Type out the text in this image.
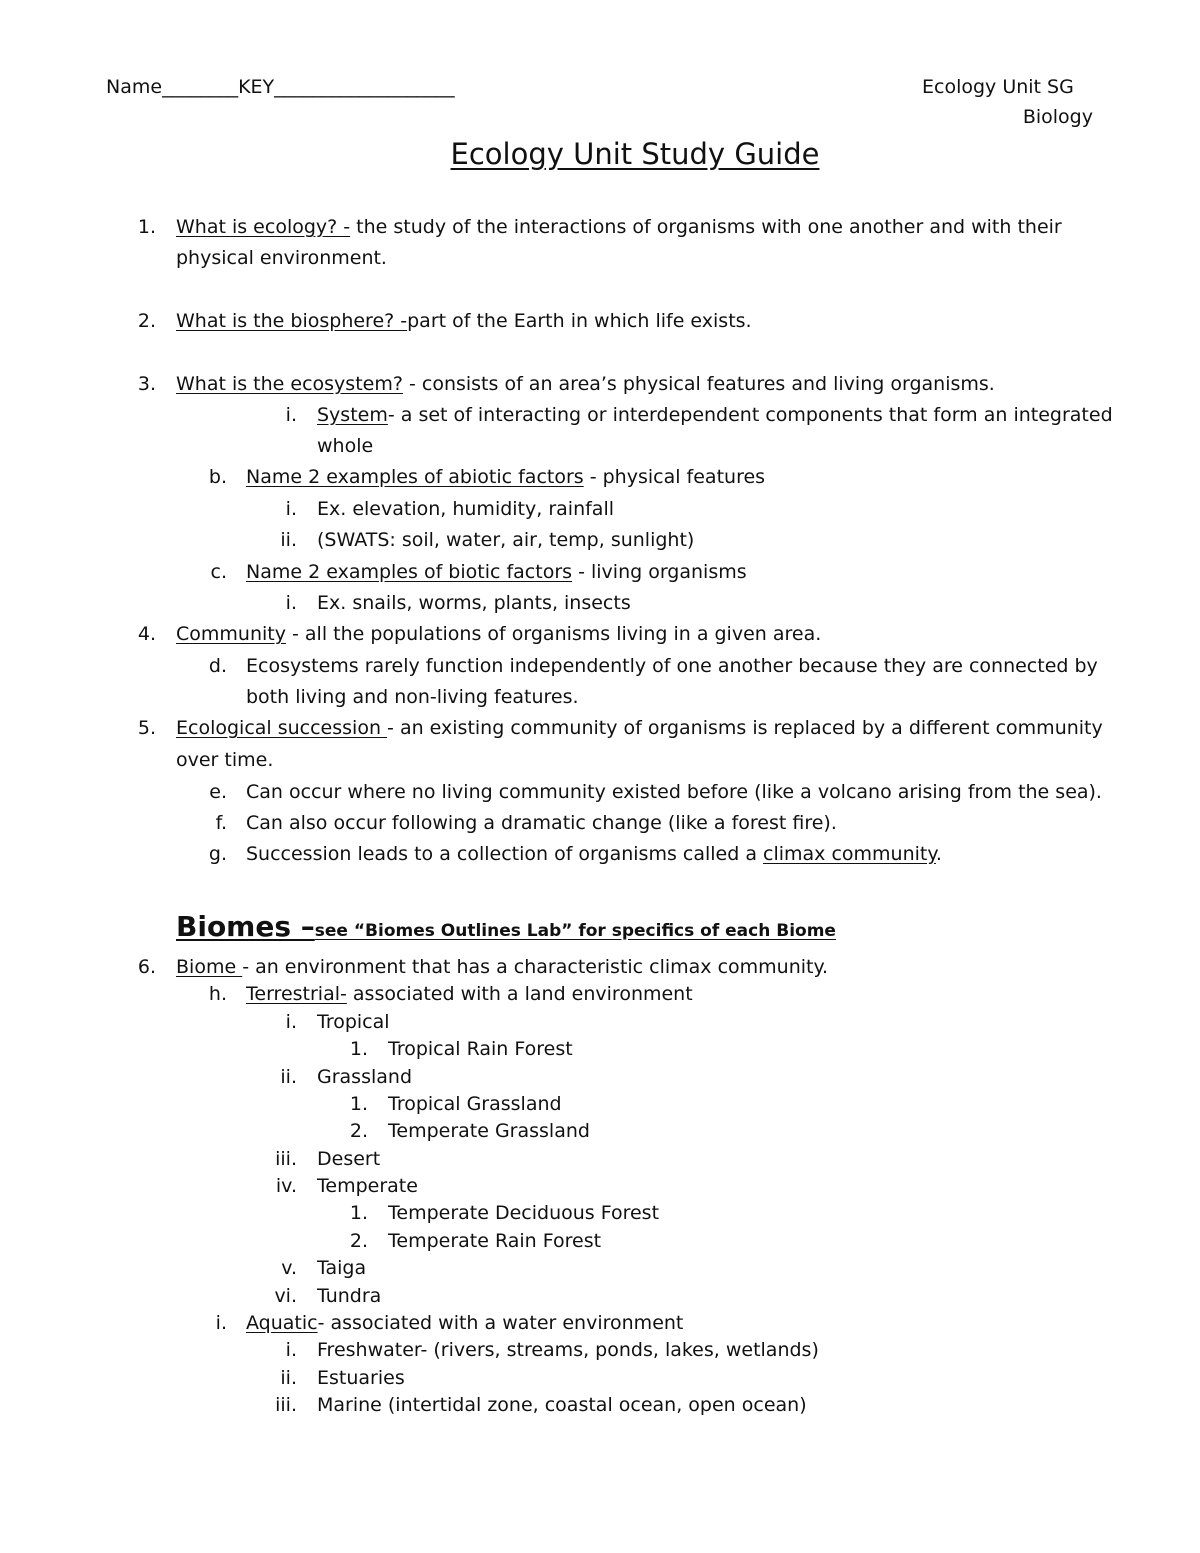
Name________KEY___________________	Ecology Unit SG
Biology
Ecology Unit Study Guide
1. What is ecology? - the study of the interactions of organisms with one another and with their
physical environment.
2. What is the biosphere? -part of the Earth in which life exists.
3. What is the ecosystem? - consists of an area’s physical features and living organisms.
i. System- a set of interacting or interdependent components that form an integrated
whole
b. Name 2 examples of abiotic factors - physical features
i. Ex. elevation, humidity, rainfall
ii. (SWATS: soil, water, air, temp, sunlight)
c. Name 2 examples of biotic factors - living organisms
i. Ex. snails, worms, plants, insects
4. Community - all the populations of organisms living in a given area.
d. Ecosystems rarely function independently of one another because they are connected by
both living and non-living features.
5. Ecological succession - an existing community of organisms is replaced by a different community
over time.
e. Can occur where no living community existed before (like a volcano arising from the sea).
f. Can also occur following a dramatic change (like a forest fire).
g. Succession leads to a collection of organisms called a climax community.
Biomes –see “Biomes Outlines Lab” for specifics of each Biome
6. Biome - an environment that has a characteristic climax community.
h. Terrestrial- associated with a land environment
i. Tropical
1. Tropical Rain Forest
ii. Grassland
1. Tropical Grassland
2. Temperate Grassland
iii. Desert
iv. Temperate
1. Temperate Deciduous Forest
2. Temperate Rain Forest
v. Taiga
vi. Tundra
i. Aquatic- associated with a water environment
i. Freshwater- (rivers, streams, ponds, lakes, wetlands)
ii. Estuaries
iii. Marine (intertidal zone, coastal ocean, open ocean)
